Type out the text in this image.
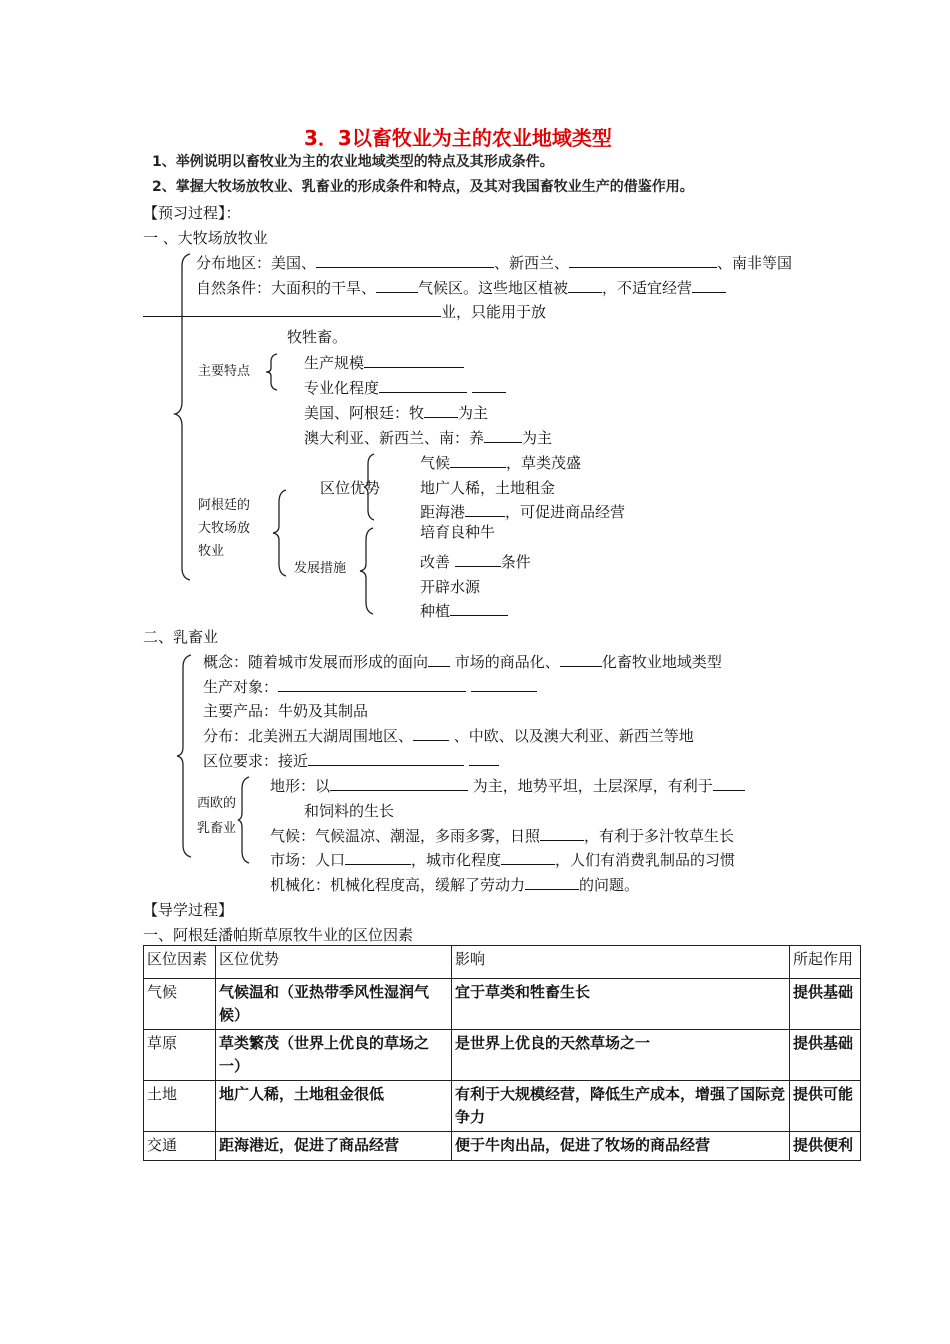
3．3以畜牧业为主的农业地域类型
1、举例说明以畜牧业为主的农业地域类型的特点及其形成条件。
2、掌握大牧场放牧业、乳畜业的形成条件和特点，及其对我国畜牧业生产的借鉴作用。
【预习过程】：
一 、大牧场放牧业
分布地区：美国、	、新西兰、	、南非等国
自然条件：大面积的干旱、	气候区。这些地区植被 ，不适宜经营
业，只能用于放
牧牲畜。
主要特点	生产规模
专业化程度
美国、阿根廷：牧 为主
澳大利亚、新西兰、南：养	为主
阿根廷的
大牧场放
牧业
区位优势
气候	，草类茂盛
地广人稀，土地租金
距海港	，可促进商品经营
发展措施
培育良种牛
改善	条件
开辟水源
种植
二、乳畜业
概念：随着城市发展而形成的面向 市场的商品化、	化畜牧业地域类型
生产对象：
主要产品：牛奶及其制品
分布：北美洲五大湖周围地区、	、中欧、以及澳大利亚、新西兰等地
区位要求：接近
西欧的
乳畜业
地形：以	为主，地势平坦，土层深厚，有利于
和饲料的生长
气候：气候温凉、潮湿，多雨多雾，日照	，有利于多汁牧草生长
市场：人口	，城市化程度	，人们有消费乳制品的习惯
机械化：机械化程度高，缓解了劳动力	的问题。
【导学过程】
一、阿根廷潘帕斯草原牧牛业的区位因素
区位因素	区位优势	影响	所起作用
气候	气候温和（亚热带季风性湿润气候）	宜于草类和牲畜生长	提供基础
草原	草类繁茂（世界上优良的草场之一）	是世界上优良的天然草场之一	提供基础
土地	地广人稀，土地租金很低	有利于大规模经营，降低生产成本，增强了国际竞争力	提供可能
交通	距海港近，促进了商品经营	便于牛肉出品，促进了牧场的商品经营	提供便利
